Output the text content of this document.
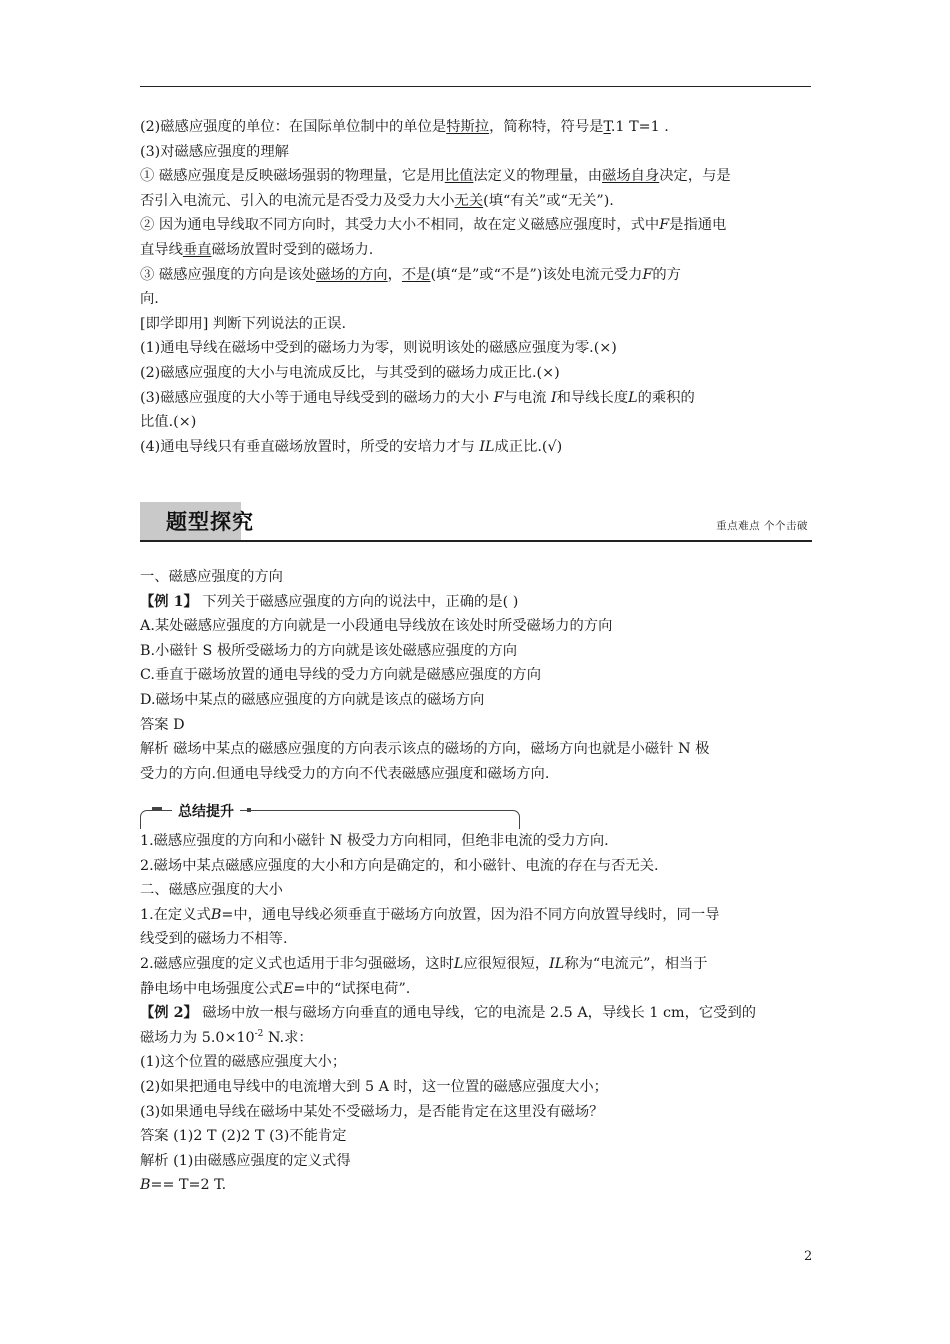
(2)磁感应强度的单位：在国际单位制中的单位是特斯拉，简称特，符号是T.1 T=1 .
(3)对磁感应强度的理解
① 磁感应强度是反映磁场强弱的物理量，它是用比值法定义的物理量，由磁场自身决定，与是
否引入电流元、引入的电流元是否受力及受力大小无关(填“有关”或“无关”).
② 因为通电导线取不同方向时，其受力大小不相同，故在定义磁感应强度时，式中F是指通电
直导线垂直磁场放置时受到的磁场力.
③ 磁感应强度的方向是该处磁场的方向，不是(填“是”或“不是”)该处电流元受力F的方
向.
[即学即用] 判断下列说法的正误.
(1)通电导线在磁场中受到的磁场力为零，则说明该处的磁感应强度为零.(×)
(2)磁感应强度的大小与电流成反比，与其受到的磁场力成正比.(×)
(3)磁感应强度的大小等于通电导线受到的磁场力的大小 F与电流 I和导线长度L的乘积的
比值.(×)
(4)通电导线只有垂直磁场放置时，所受的安培力才与 IL成正比.(√)
题型探究	重点难点 个个击破
一、磁感应强度的方向
【例 1】 下列关于磁感应强度的方向的说法中，正确的是( )
A.某处磁感应强度的方向就是一小段通电导线放在该处时所受磁场力的方向
B.小磁针 S 极所受磁场力的方向就是该处磁感应强度的方向
C.垂直于磁场放置的通电导线的受力方向就是磁感应强度的方向
D.磁场中某点的磁感应强度的方向就是该点的磁场方向
答案 D
解析 磁场中某点的磁感应强度的方向表示该点的磁场的方向，磁场方向也就是小磁针 N 极
受力的方向.但通电导线受力的方向不代表磁感应强度和磁场方向.
总结提升
1.磁感应强度的方向和小磁针 N 极受力方向相同，但绝非电流的受力方向.
2.磁场中某点磁感应强度的大小和方向是确定的，和小磁针、电流的存在与否无关.
二、磁感应强度的大小
1.在定义式B=中，通电导线必须垂直于磁场方向放置，因为沿不同方向放置导线时，同一导
线受到的磁场力不相等.
2.磁感应强度的定义式也适用于非匀强磁场，这时L应很短很短，IL称为“电流元”，相当于
静电场中电场强度公式E=中的“试探电荷”.
【例 2】 磁场中放一根与磁场方向垂直的通电导线，它的电流是 2.5 A，导线长 1 cm，它受到的
磁场力为 $5.0\times 10^{-2}$ N.求：
(1)这个位置的磁感应强度大小；
(2)如果把通电导线中的电流增大到 5 A 时，这一位置的磁感应强度大小；
(3)如果通电导线在磁场中某处不受磁场力，是否能肯定在这里没有磁场？
答案 (1)2 T (2)2 T (3)不能肯定
解析 (1)由磁感应强度的定义式得
B== T=2 T.
2
